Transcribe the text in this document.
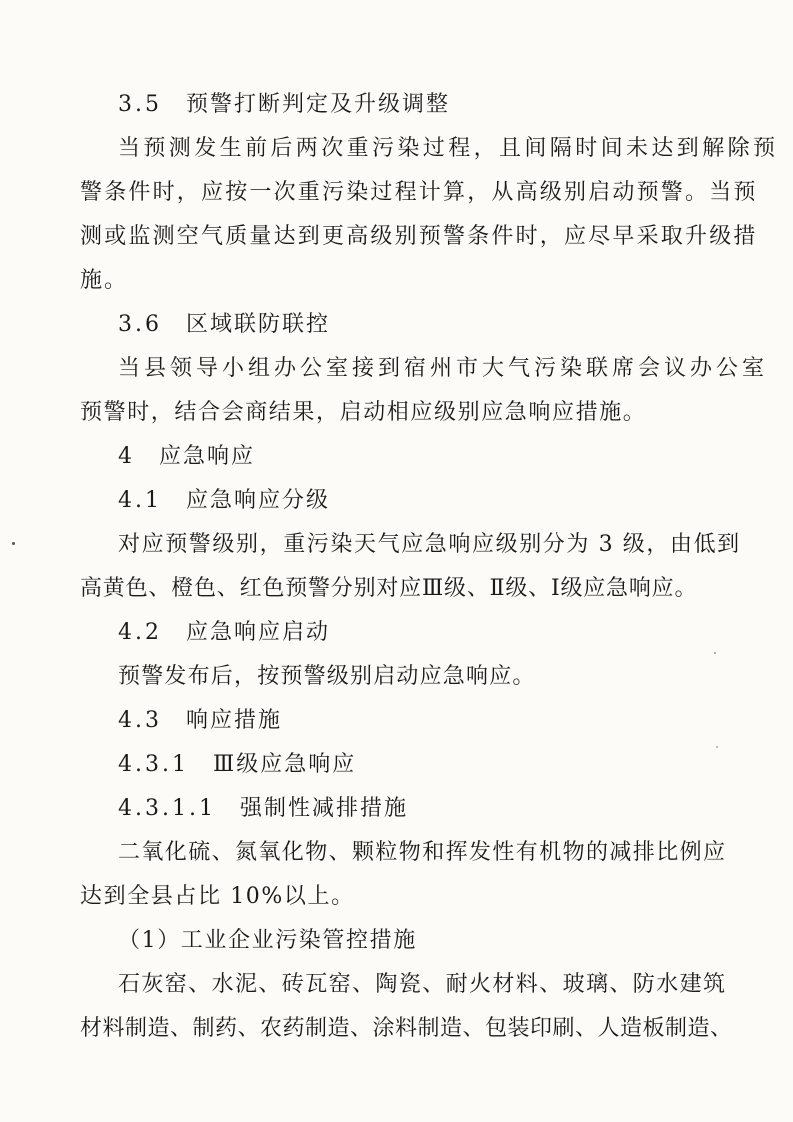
3.5 预警打断判定及升级调整
当预测发生前后两次重污染过程，且间隔时间未达到解除预
警条件时，应按一次重污染过程计算，从高级别启动预警。当预
测或监测空气质量达到更高级别预警条件时，应尽早采取升级措
施。
3.6 区域联防联控
当县领导小组办公室接到宿州市大气污染联席会议办公室
预警时，结合会商结果，启动相应级别应急响应措施。
4 应急响应
4.1 应急响应分级
对应预警级别，重污染天气应急响应级别分为 3 级，由低到
高黄色、橙色、红色预警分别对应Ⅲ级、Ⅱ级、Ⅰ级应急响应。
4.2 应急响应启动
预警发布后，按预警级别启动应急响应。
4.3 响应措施
4.3.1 Ⅲ级应急响应
4.3.1.1 强制性减排措施
二氧化硫、氮氧化物、颗粒物和挥发性有机物的减排比例应
达到全县占比 10%以上。
（1）工业企业污染管控措施
石灰窑、水泥、砖瓦窑、陶瓷、耐火材料、玻璃、防水建筑
材料制造、制药、农药制造、涂料制造、包装印刷、人造板制造、
